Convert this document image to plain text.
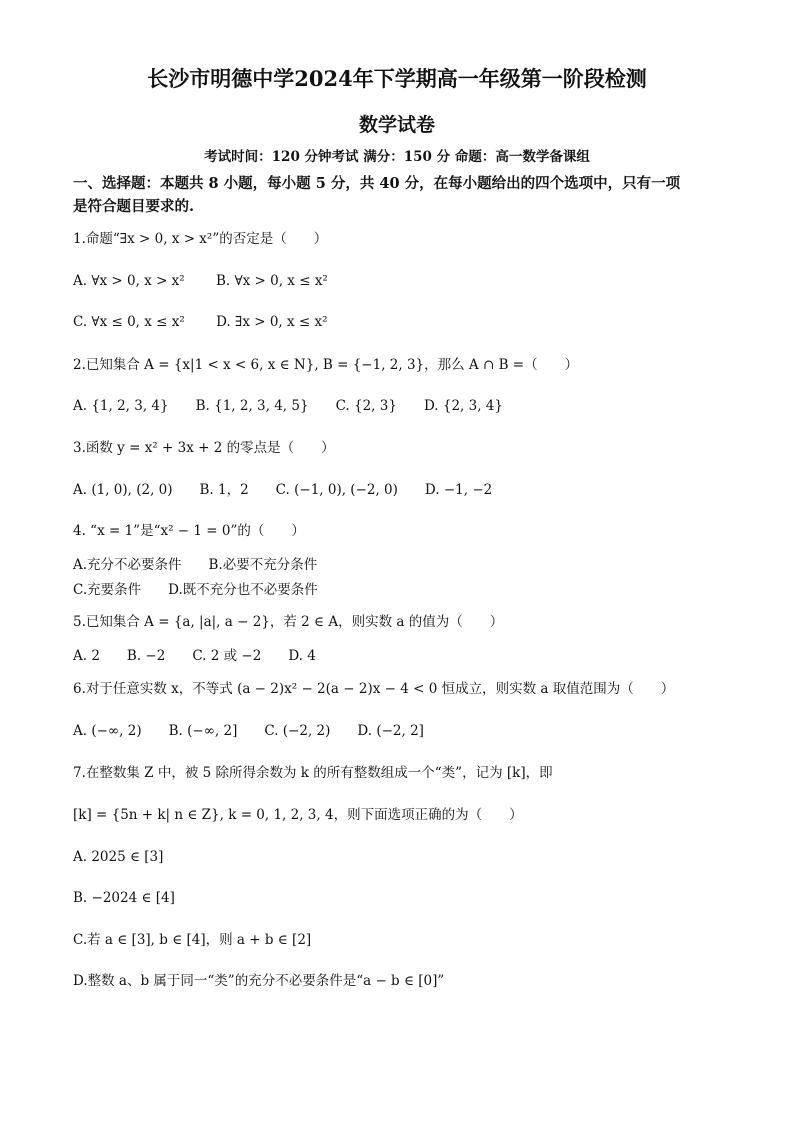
长沙市明德中学2024年下学期高一年级第一阶段检测
数学试卷
考试时间：120 分钟考试 满分：150 分 命题：高一数学备课组
一、选择题：本题共 8 小题，每小题 5 分，共 40 分，在每小题给出的四个选项中，只有一项
是符合题目要求的.
1.命题“∃x > 0, x > x²”的否定是（　　）
A. ∀x > 0, x > x²　　 B. ∀x > 0, x ≤ x²
C. ∀x ≤ 0, x ≤ x²　　 D. ∃x > 0, x ≤ x²
2.已知集合 A = {x|1 < x < 6, x ∈ N}, B = {−1, 2, 3}，那么 A ∩ B =（　　）
A. {1, 2, 3, 4}　　B. {1, 2, 3, 4, 5}　　C. {2, 3}　　D. {2, 3, 4}
3.函数 y = x² + 3x + 2 的零点是（　　）
A. (1, 0), (2, 0)　　B. 1，2　　C. (−1, 0), (−2, 0)　　D. −1, −2
4. “x = 1”是“x² − 1 = 0”的（　　）
A.充分不必要条件　　B.必要不充分条件
C.充要条件　　D.既不充分也不必要条件
5.已知集合 A = {a, |a|, a − 2}，若 2 ∈ A，则实数 a 的值为（　　）
A. 2　　B. −2　　C. 2 或 −2　　D. 4
6.对于任意实数 x，不等式 (a − 2)x² − 2(a − 2)x − 4 < 0 恒成立，则实数 a 取值范围为（　　）
A. (−∞, 2)　　B. (−∞, 2]　　C. (−2, 2)　　D. (−2, 2]
7.在整数集 Z 中，被 5 除所得余数为 k 的所有整数组成一个“类”，记为 [k]，即
[k] = {5n + k| n ∈ Z}, k = 0, 1, 2, 3, 4，则下面选项正确的为（　　）
A. 2025 ∈ [3]
B. −2024 ∈ [4]
C.若 a ∈ [3], b ∈ [4]，则 a + b ∈ [2]
D.整数 a、b 属于同一“类”的充分不必要条件是“a − b ∈ [0]”
